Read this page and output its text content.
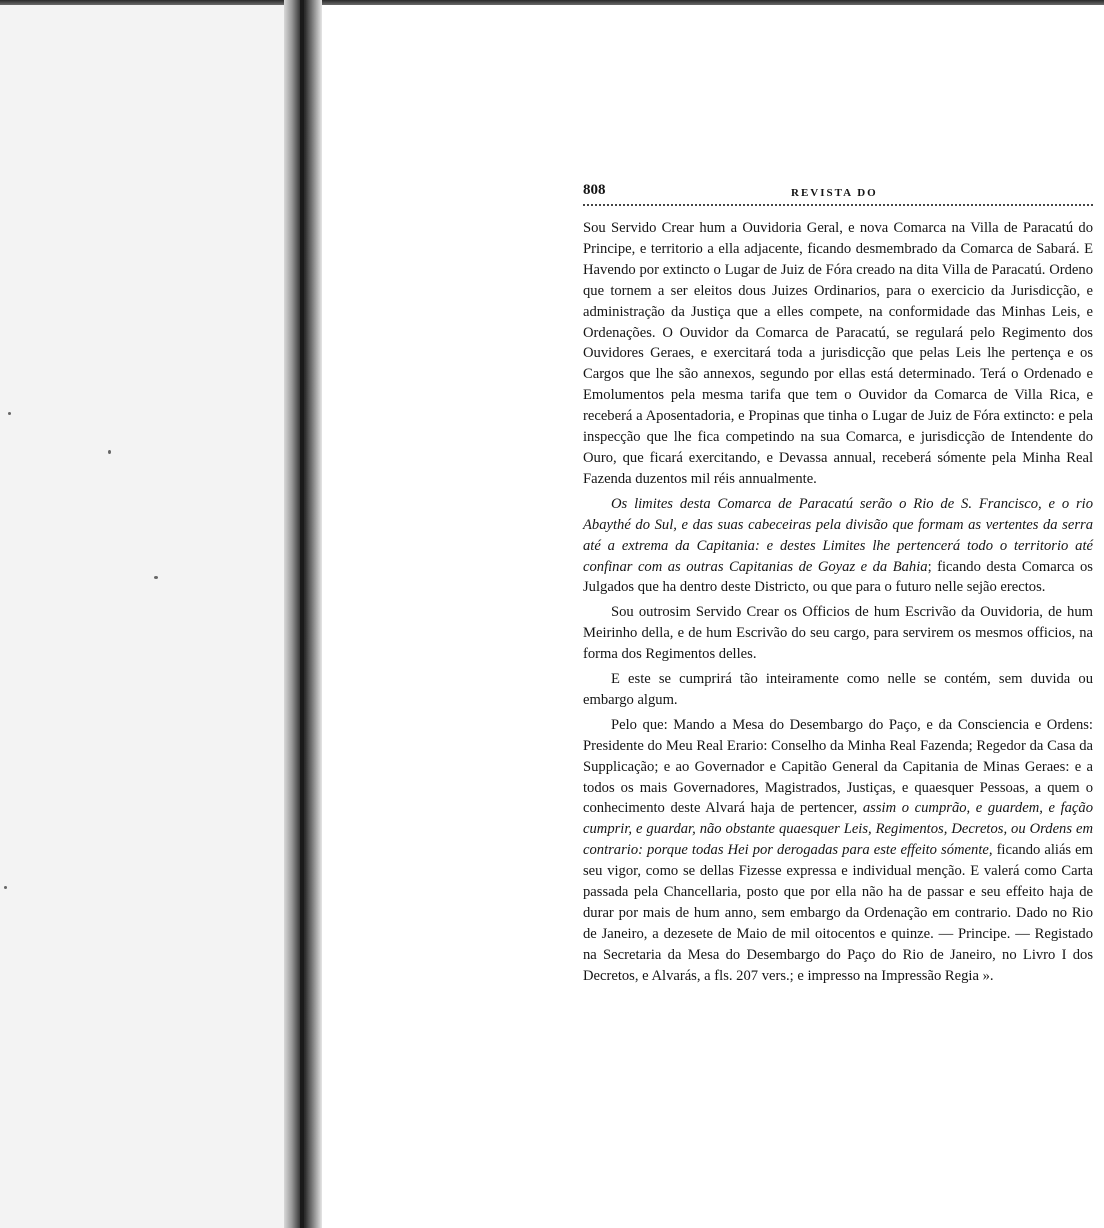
808	REVISTA DO

Sou Servido Crear hum a Ouvidoria Geral, e nova Comarca na Villa de Paracatú do Principe, e territorio a ella adjacente, ficando desmembrado da Comarca de Sabará. E Havendo por extincto o Lugar de Juiz de Fóra creado na dita Villa de Paracatú. Ordeno que tornem a ser eleitos dous Juizes Ordinarios, para o exercicio da Jurisdicção, e administração da Justiça que a elles compete, na conformidade das Minhas Leis, e Ordenações. O Ouvidor da Comarca de Paracatú, se regulará pelo Regimento dos Ouvidores Geraes, e exercitará toda a jurisdicção que pelas Leis lhe pertença e os Cargos que lhe são annexos, segundo por ellas está determinado. Terá o Ordenado e Emolumentos pela mesma tarifa que tem o Ouvidor da Comarca de Villa Rica, e receberá a Aposentadoria, e Propinas que tinha o Lugar de Juiz de Fóra extincto: e pela inspecção que lhe fica competindo na sua Comarca, e jurisdicção de Intendente do Ouro, que ficará exercitando, e Devassa annual, receberá sómente pela Minha Real Fazenda duzentos mil réis annualmente.

Os limites desta Comarca de Paracatú serão o Rio de S. Francisco, e o rio Abaythé do Sul, e das suas cabeceiras pela divisão que formam as vertentes da serra até a extrema da Capitania: e destes Limites lhe pertencerá todo o territorio até confinar com as outras Capitanias de Goyaz e da Bahia; ficando desta Comarca os Julgados que ha dentro deste Districto, ou que para o futuro nelle sejão erectos.

Sou outrosim Servido Crear os Officios de hum Escrivão da Ouvidoria, de hum Meirinho della, e de hum Escrivão do seu cargo, para servirem os mesmos officios, na forma dos Regimentos delles.

E este se cumprirá tão inteiramente como nelle se contém, sem duvida ou embargo algum.

Pelo que: Mando a Mesa do Desembargo do Paço, e da Consciencia e Ordens: Presidente do Meu Real Erario: Conselho da Minha Real Fazenda; Regedor da Casa da Supplicação; e ao Governador e Capitão General da Capitania de Minas Geraes: e a todos os mais Governadores, Magistrados, Justiças, e quaesquer Pessoas, a quem o conhecimento deste Alvará haja de pertencer, assim o cumprão, e guardem, e fação cumprir, e guardar, não obstante quaesquer Leis, Regimentos, Decretos, ou Ordens em contrario: porque todas Hei por derogadas para este effeito sómente, ficando aliás em seu vigor, como se dellas Fizesse expressa e individual menção. E valerá como Carta passada pela Chancellaria, posto que por ella não ha de passar e seu effeito haja de durar por mais de hum anno, sem embargo da Ordenação em contrario. Dado no Rio de Janeiro, a dezesete de Maio de mil oitocentos e quinze. — Principe. — Registado na Secretaria da Mesa do Desembargo do Paço do Rio de Janeiro, no Livro I dos Decretos, e Alvarás, a fls. 207 vers.; e impresso na Impressão Regia ».
